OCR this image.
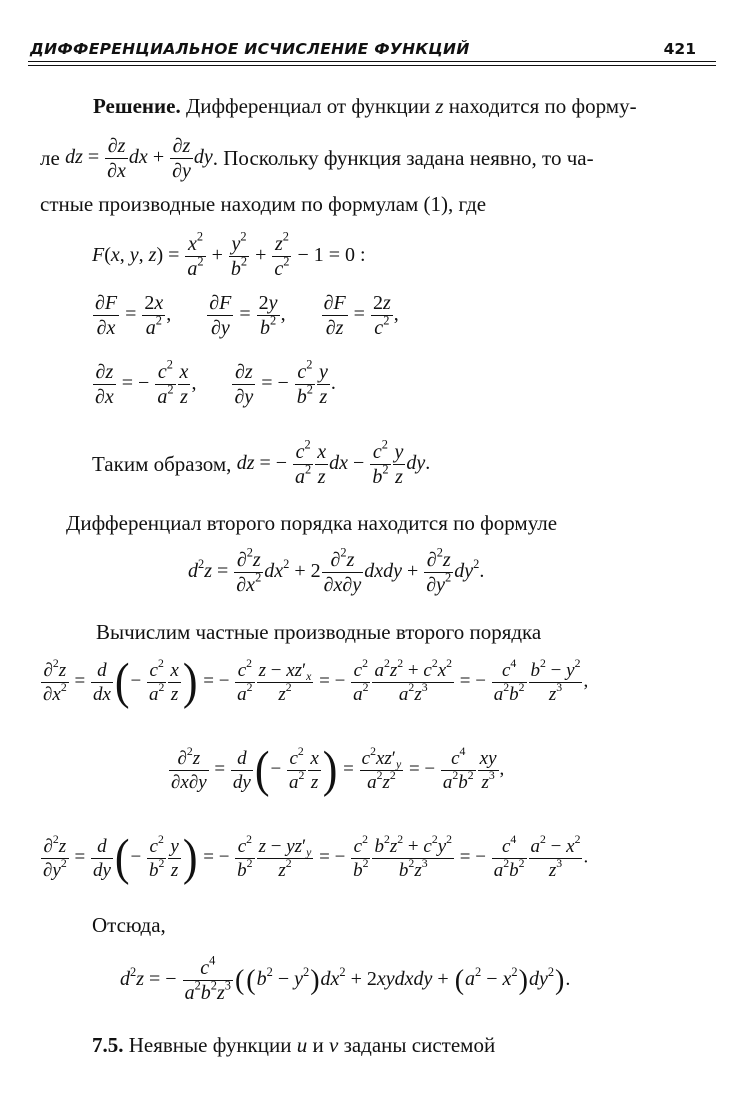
ДИФФЕРЕНЦИАЛЬНОЕ ИСЧИСЛЕНИЕ ФУНКЦИЙ	421
Решение. Дифференциал от функции z находится по форму-
ле dz = $\frac{\partial z}{\partial x}$ dx + $\frac{\partial z}{\partial y}$ dy. Поскольку функция задана неявно, то ча-
стные производные находим по формулам (1), где
F(x, y, $z) = \frac{x^2}{a^2} + \frac{y^2}{b^2} + \frac{z^2}{c^2} - 1 = 0$ :
$\frac{\partial F}{\partial x} = \frac{2x}{a^2}$ , $\frac{\partial F}{\partial y} = \frac{2y}{b^2}$ , $\frac{\partial F}{\partial z} = \frac{2z}{c^2}$ ,
$\frac{\partial z}{\partial x}$ = − $\frac{c^2}{a^2} \frac{x}{z}$ , $\frac{\partial z}{\partial y}$ = − $\frac{c^2}{b^2} \frac{y}{z}$ .
Таким образом, dz = − $\frac{c^2}{a^2} \frac{x}{z}$ dx − $\frac{c^2}{b^2} \frac{y}{z}$ dy.
Дифференциал второго порядка находится по формуле
$d^2z = \frac{\partial^2z}{\partial x^2} dx^2 + 2 \frac{\partial^2z}{\partial x\partial y}$ dxdy + $\frac{\partial^2z}{\partial y^2} dy^2$.
Вычислим частные производные второго порядка
$\frac{\partial^2z}{\partial x^2} = \frac{d}{dx}$ (− $\frac{c^2}{a^2} \frac{x}{z}$ ) = − $\frac{c^2}{a^2} \frac{z - xz'_x}{z^2}$ = − $\frac{c^2}{a^2} \frac{a^2z^2 + c^2x^2}{a^2z^3}$ = − $\frac{c^4}{a^2b^2} \frac{b^2 - y^2}{z^3}$ ,
$\frac{\partial^2z}{\partial x\partial y} = \frac{d}{dy}$ (− $\frac{c^2}{a^2} \frac{x}{z}$ ) = $\frac{c^2xz'_y}{a^2z^2}$ = − $\frac{c^4}{a^2b^2} \frac{xy}{z^3}$ ,
$\frac{\partial^2z}{\partial y^2} = \frac{d}{dy}$ (− $\frac{c^2}{b^2} \frac{y}{z}$ ) = − $\frac{c^2}{b^2} \frac{z - yz'_y}{z^2}$ = − $\frac{c^2}{b^2} \frac{b^2z^2 + c^2y^2}{b^2z^3}$ = − $\frac{c^4}{a^2b^2} \frac{a^2 - x^2}{z^3}$ .
Отсюда,
$d^2z$ = − $\frac{c^4}{a^2b^2z^3} ((b^2 - y^2)dx^2$ + 2xydxdy + $(a^2 - x^2)dy^2$).
7.5. Неявные функции u и v заданы системой
